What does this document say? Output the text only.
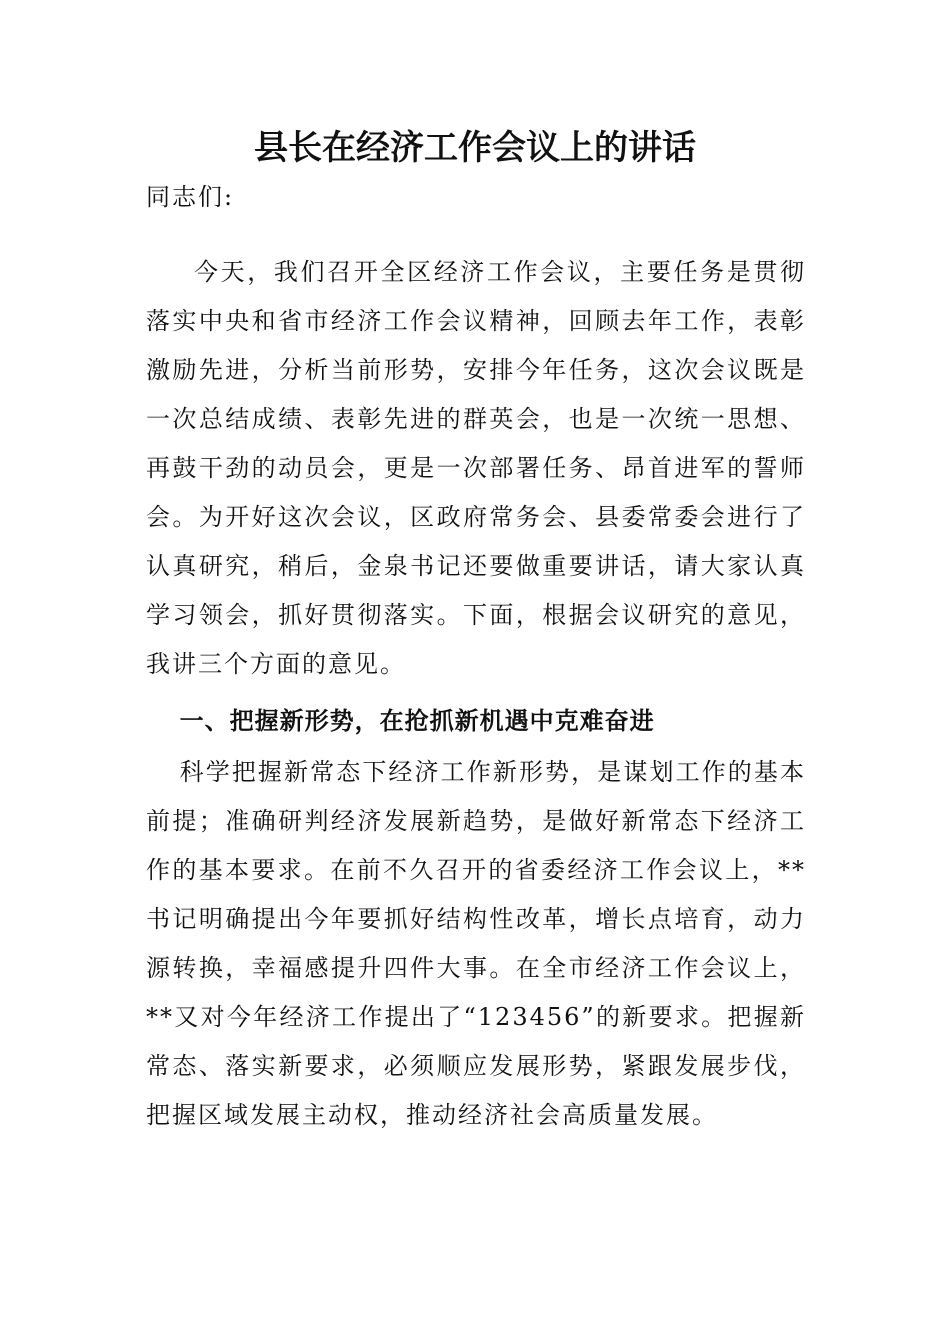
县长在经济工作会议上的讲话

同志们:

今天，我们召开全区经济工作会议，主要任务是贯彻落实中央和省市经济工作会议精神，回顾去年工作，表彰激励先进，分析当前形势，安排今年任务，这次会议既是一次总结成绩、表彰先进的群英会，也是一次统一思想、再鼓干劲的动员会，更是一次部署任务、昂首进军的誓师会。为开好这次会议，区政府常务会、县委常委会进行了认真研究，稍后，金泉书记还要做重要讲话，请大家认真学习领会，抓好贯彻落实。下面，根据会议研究的意见，我讲三个方面的意见。

一、把握新形势，在抢抓新机遇中克难奋进

科学把握新常态下经济工作新形势，是谋划工作的基本前提；准确研判经济发展新趋势，是做好新常态下经济工作的基本要求。在前不久召开的省委经济工作会议上，**书记明确提出今年要抓好结构性改革，增长点培育，动力源转换，幸福感提升四件大事。在全市经济工作会议上，**又对今年经济工作提出了“123456”的新要求。把握新常态、落实新要求，必须顺应发展形势，紧跟发展步伐，把握区域发展主动权，推动经济社会高质量发展。
